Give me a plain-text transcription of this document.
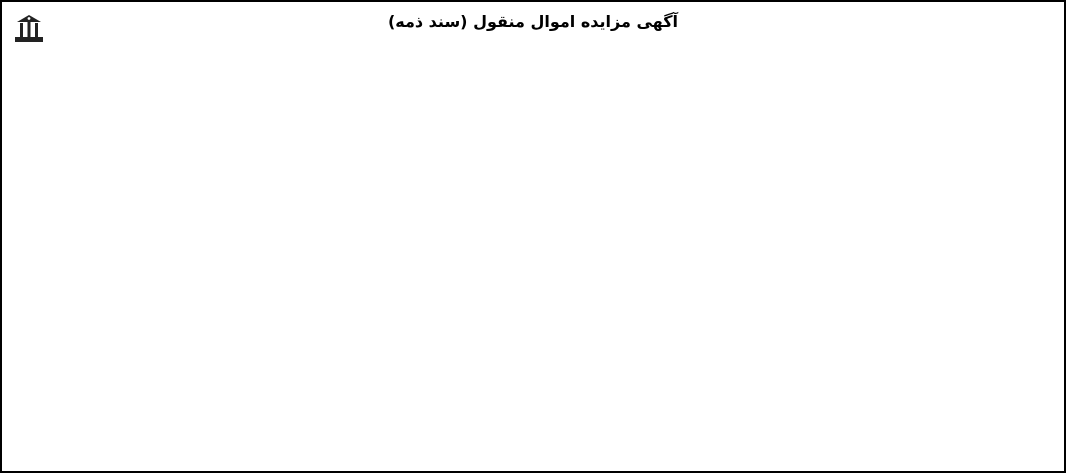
آگهی مزایده اموال منقول (سند ذمه)
